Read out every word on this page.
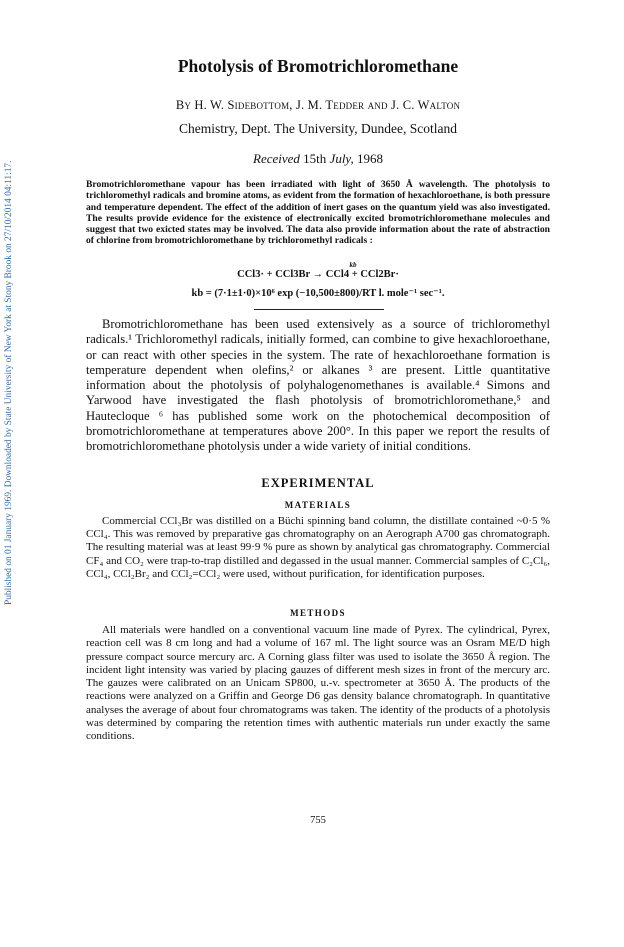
Published on 01 January 1969. Downloaded by State University of New York at Stony Brook on 27/10/2014 04:11:17.
Photolysis of Bromotrichloromethane
By H. W. Sidebottom, J. M. Tedder and J. C. Walton
Chemistry, Dept. The University, Dundee, Scotland
Received 15th July, 1968

Bromotrichloromethane vapour has been irradiated with light of 3650 Å wavelength. The photolysis to trichloromethyl radicals and bromine atoms, as evident from the formation of hexachloroethane, is both pressure and temperature dependent. The effect of the addition of inert gases on the quantum yield was also investigated. The results provide evidence for the existence of electronically excited bromotrichloromethane molecules and suggest that two exicted states may be involved. The data also provide information about the rate of abstraction of chlorine from bromotrichloromethane by trichloromethyl radicals :

kb
CCl3· + CCl3Br → CCl4 + CCl2Br·
kb = (7·1±1·0)×10⁶ exp (−10,500±800)/RT l. mole⁻¹ sec⁻¹.

Bromotrichloromethane has been used extensively as a source of trichloromethyl radicals.¹ Trichloromethyl radicals, initially formed, can combine to give hexachloroethane, or can react with other species in the system. The rate of hexachloroethane formation is temperature dependent when olefins,² or alkanes ³ are present. Little quantitative information about the photolysis of polyhalogenomethanes is available.⁴ Simons and Yarwood have investigated the flash photolysis of bromotrichloromethane,⁵ and Hautecloque ⁶ has published some work on the photochemical decomposition of bromotrichloromethane at temperatures above 200°. In this paper we report the results of bromotrichloromethane photolysis under a wide variety of initial conditions.

EXPERIMENTAL
MATERIALS

Commercial CCl₃Br was distilled on a Büchi spinning band column, the distillate contained ~0·5 % CCl₄. This was removed by preparative gas chromatography on an Aerograph A700 gas chromatograph. The resulting material was at least 99·9 % pure as shown by analytical gas chromatography. Commercial CF₄ and CO₂ were trap-to-trap distilled and degassed in the usual manner. Commercial samples of C₂Cl₆, CCl₄, CCl₂Br₂ and CCl₂=CCl₂ were used, without purification, for identification purposes.

METHODS

All materials were handled on a conventional vacuum line made of Pyrex. The cylindrical, Pyrex, reaction cell was 8 cm long and had a volume of 167 ml. The light source was an Osram ME/D high pressure compact source mercury arc. A Corning glass filter was used to isolate the 3650 Å region. The incident light intensity was varied by placing gauzes of different mesh sizes in front of the mercury arc. The gauzes were calibrated on an Unicam SP800, u.-v. spectrometer at 3650 Å. The products of the reactions were analyzed on a Griffin and George D6 gas density balance chromatograph. In quantitative analyses the average of about four chromatograms was taken. The identity of the products of a photolysis was determined by comparing the retention times with authentic materials run under exactly the same conditions.

755
